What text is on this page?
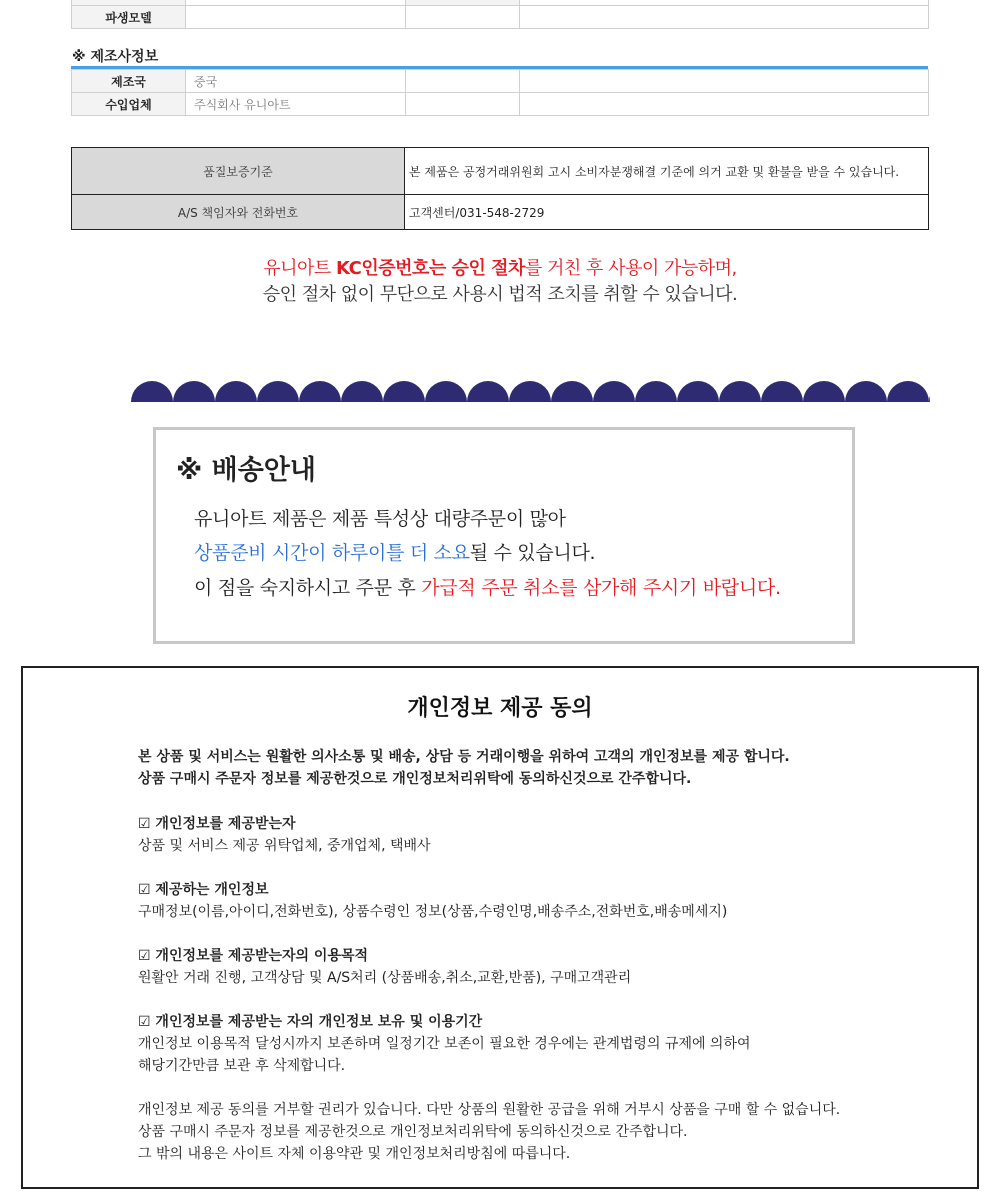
파생모델			
※ 제조사정보
제조국	중국		
수입업체	주식회사 유니아트		
품질보증기준	본 제품은 공정거래위원회 고시 소비자분쟁해결 기준에 의거 교환 및 환불을 받을 수 있습니다.
A/S 책임자와 전화번호	고객센터/031-548-2729
유니아트 KC인증번호는 승인 절차를 거친 후 사용이 가능하며,
승인 절차 없이 무단으로 사용시 법적 조치를 취할 수 있습니다.
※ 배송안내
유니아트 제품은 제품 특성상 대량주문이 많아
상품준비 시간이 하루이틀 더 소요될 수 있습니다.
이 점을 숙지하시고 주문 후 가급적 주문 취소를 삼가해 주시기 바랍니다.
개인정보 제공 동의
본 상품 및 서비스는 원활한 의사소통 및 배송, 상담 등 거래이행을 위하여 고객의 개인정보를 제공 합니다.
상품 구매시 주문자 정보를 제공한것으로 개인정보처리위탁에 동의하신것으로 간주합니다.
☑ 개인정보를 제공받는자
상품 및 서비스 제공 위탁업체, 중개업체, 택배사
☑ 제공하는 개인정보
구매정보(이름,아이디,전화번호), 상품수령인 정보(상품,수령인명,배송주소,전화번호,배송메세지)
☑ 개인정보를 제공받는자의 이용목적
원활안 거래 진행, 고객상담 및 A/S처리 (상품배송,취소,교환,반품), 구매고객관리
☑ 개인정보를 제공받는 자의 개인정보 보유 및 이용기간
개인정보 이용목적 달성시까지 보존하며 일정기간 보존이 필요한 경우에는 관계법령의 규제에 의하여
해당기간만큼 보관 후 삭제합니다.
개인정보 제공 동의를 거부할 권리가 있습니다. 다만 상품의 원활한 공급을 위해 거부시 상품을 구매 할 수 없습니다.
상품 구매시 주문자 정보를 제공한것으로 개인정보처리위탁에 동의하신것으로 간주합니다.
그 밖의 내용은 사이트 자체 이용약관 및 개인정보처리방침에 따릅니다.
